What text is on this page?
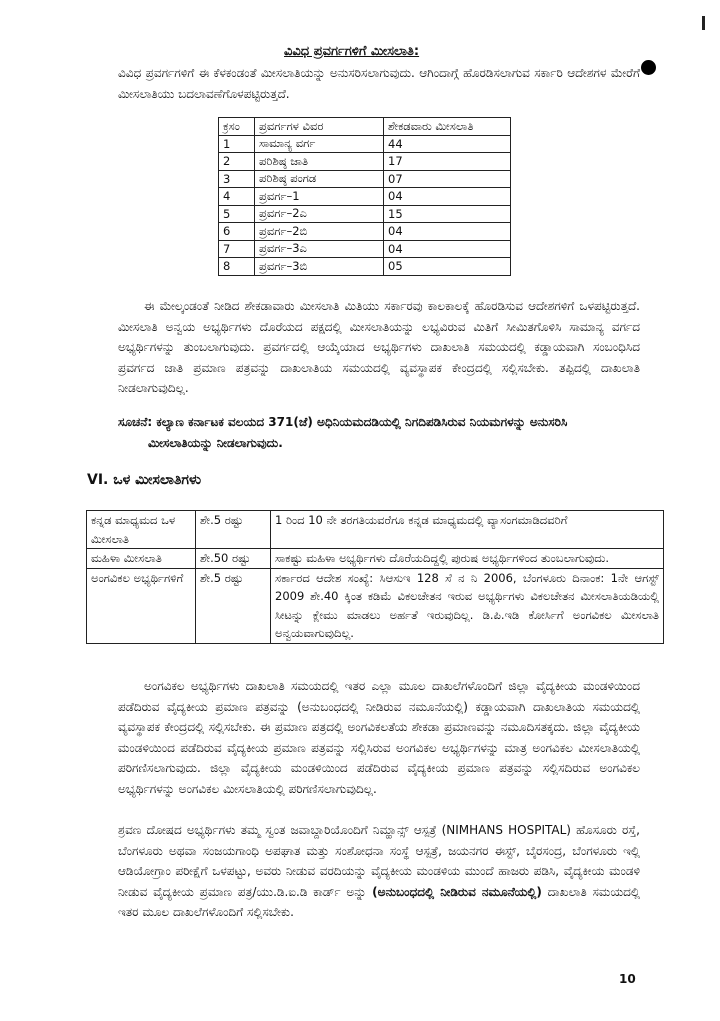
ವಿವಿಧ ಪ್ರವರ್ಗಗಳಿಗೆ ಮೀಸಲಾತಿ:

ವಿವಿಧ ಪ್ರವರ್ಗಗಳಿಗೆ ಈ ಕೆಳಕಂಡಂತೆ ಮೀಸಲಾತಿಯನ್ನು ಅನುಸರಿಸಲಾಗುವುದು. ಆಗಿಂದಾಗ್ಗೆ ಹೊರಡಿಸಲಾಗುವ ಸರ್ಕಾರಿ ಆದೇಶಗಳ ಮೇರೆಗೆ ಮೀಸಲಾತಿಯು ಬದಲಾವಣೆಗೊಳಪಟ್ಟಿರುತ್ತದೆ.

ಕ್ರಸಂ	ಪ್ರವರ್ಗಗಳ ವಿವರ	ಶೇಕಡವಾರು ಮೀಸಲಾತಿ
1	ಸಾಮಾನ್ಯ ವರ್ಗ	44
2	ಪರಿಶಿಷ್ಠ ಜಾತಿ	17
3	ಪರಿಶಿಷ್ಠ ಪಂಗಡ	07
4	ಪ್ರವರ್ಗ–1	04
5	ಪ್ರವರ್ಗ–2ಎ	15
6	ಪ್ರವರ್ಗ–2ಬಿ	04
7	ಪ್ರವರ್ಗ–3ಎ	04
8	ಪ್ರವರ್ಗ–3ಬಿ	05

ಈ ಮೇಲ್ಕಂಡಂತೆ ನೀಡಿದ ಶೇಕಡಾವಾರು ಮೀಸಲಾತಿ ಮಿತಿಯು ಸರ್ಕಾರವು ಕಾಲಕಾಲಕ್ಕೆ ಹೊರಡಿಸುವ ಆದೇಶಗಳಿಗೆ ಒಳಪಟ್ಟಿರುತ್ತದೆ. ಮೀಸಲಾತಿ ಅನ್ವಯ ಅಭ್ಯರ್ಥಿಗಳು ದೊರೆಯದ ಪಕ್ಷದಲ್ಲಿ ಮೀಸಲಾತಿಯನ್ನು ಲಭ್ಯವಿರುವ ಮಿತಿಗೆ ಸೀಮಿತಗೊಳಿಸಿ ಸಾಮಾನ್ಯ ವರ್ಗದ ಅಭ್ಯರ್ಥಿಗಳನ್ನು ತುಂಬಲಾಗುವುದು. ಪ್ರವರ್ಗದಲ್ಲಿ ಆಯ್ಕೆಯಾದ ಅಭ್ಯರ್ಥಿಗಳು ದಾಖಲಾತಿ ಸಮಯದಲ್ಲಿ ಕಡ್ಡಾಯವಾಗಿ ಸಂಬಂಧಿಸಿದ ಪ್ರವರ್ಗದ ಜಾತಿ ಪ್ರಮಾಣ ಪತ್ರವನ್ನು ದಾಖಲಾತಿಯ ಸಮಯದಲ್ಲಿ ವ್ಯವಸ್ಥಾಪಕ ಕೇಂದ್ರದಲ್ಲಿ ಸಲ್ಲಿಸಬೇಕು. ತಪ್ಪಿದಲ್ಲಿ ದಾಖಲಾತಿ ನೀಡಲಾಗುವುದಿಲ್ಲ.

ಸೂಚನೆ: ಕಲ್ಯಾಣ ಕರ್ನಾಟಕ ವಲಯದ 371(ಜೆ) ಅಧಿನಿಯಮದಡಿಯಲ್ಲಿ ನಿಗದಿಪಡಿಸಿರುವ ನಿಯಮಗಳನ್ನು ಅನುಸರಿಸಿ
ಮೀಸಲಾತಿಯನ್ನು ನೀಡಲಾಗುವುದು.

VI. ಒಳ ಮೀಸಲಾತಿಗಳು
ಕನ್ನಡ ಮಾಧ್ಯಮದ ಒಳ ಮೀಸಲಾತಿ	ಶೇ.5 ರಷ್ಟು	1 ರಿಂದ 10 ನೇ ತರಗತಿಯವರೆಗೂ ಕನ್ನಡ ಮಾಧ್ಯಮದಲ್ಲಿ ವ್ಯಾಸಂಗಮಾಡಿದವರಿಗೆ
ಮಹಿಳಾ ಮೀಸಲಾತಿ	ಶೇ.50 ರಷ್ಟು	ಸಾಕಷ್ಟು ಮಹಿಳಾ ಅಭ್ಯರ್ಥಿಗಳು ದೊರೆಯದಿದ್ದಲ್ಲಿ ಪುರುಷ ಅಭ್ಯರ್ಥಿಗಳಿಂದ ತುಂಬಲಾಗುವುದು.
ಅಂಗವಿಕಲ ಅಭ್ಯರ್ಥಿಗಳಿಗೆ	ಶೇ.5 ರಷ್ಟು	ಸರ್ಕಾರದ ಆದೇಶ ಸಂಖ್ಯೆ: ಸಿಆಸುಇ 128 ಸೆ ನ ನಿ 2006, ಬೆಂಗಳೂರು ದಿನಾಂಕ: 1ನೇ ಆಗಸ್ಟ್ 2009 ಶೇ.40 ಕ್ಕಿಂತ ಕಡಿಮೆ ವಿಕಲಚೇತನ ಇರುವ ಅಭ್ಯರ್ಥಿಗಳು ವಿಕಲಚೇತನ ಮೀಸಲಾತಿಯಡಿಯಲ್ಲಿ ಸೀಟನ್ನು ಕ್ಲೇಮು ಮಾಡಲು ಅರ್ಹತೆ ಇರುವುದಿಲ್ಲ. ಡಿ.ಪಿ.ಇಡಿ ಕೋರ್ಸಿಗೆ ಅಂಗವಿಕಲ ಮೀಸಲಾತಿ ಅನ್ವಯವಾಗುವುದಿಲ್ಲ.

ಅಂಗವಿಕಲ ಅಭ್ಯರ್ಥಿಗಳು ದಾಖಲಾತಿ ಸಮಯದಲ್ಲಿ ಇತರ ಎಲ್ಲಾ ಮೂಲ ದಾಖಲೆಗಳೊಂದಿಗೆ ಜಿಲ್ಲಾ ವೈದ್ಯಕೀಯ ಮಂಡಳಿಯಿಂದ ಪಡೆದಿರುವ ವೈದ್ಯಕೀಯ ಪ್ರಮಾಣ ಪತ್ರವನ್ನು (ಅನುಬಂಧದಲ್ಲಿ ನೀಡಿರುವ ನಮೂನೆಯಲ್ಲಿ) ಕಡ್ಡಾಯವಾಗಿ ದಾಖಲಾತಿಯ ಸಮಯದಲ್ಲಿ ವ್ಯವಸ್ಥಾಪಕ ಕೇಂದ್ರದಲ್ಲಿ ಸಲ್ಲಿಸಬೇಕು. ಈ ಪ್ರಮಾಣ ಪತ್ರದಲ್ಲಿ ಅಂಗವಿಕಲತೆಯ ಶೇಕಡಾ ಪ್ರಮಾಣವನ್ನು ನಮೂದಿಸತಕ್ಕದು. ಜಿಲ್ಲಾ ವೈದ್ಯಕೀಯ ಮಂಡಳಿಯಿಂದ ಪಡೆದಿರುವ ವೈದ್ಯಕೀಯ ಪ್ರಮಾಣ ಪತ್ರವನ್ನು ಸಲ್ಲಿಸಿರುವ ಅಂಗವಿಕಲ ಅಭ್ಯರ್ಥಿಗಳನ್ನು ಮಾತ್ರ ಅಂಗವಿಕಲ ಮೀಸಲಾತಿಯಲ್ಲಿ ಪರಿಗಣಿಸಲಾಗುವುದು. ಜಿಲ್ಲಾ ವೈದ್ಯಕೀಯ ಮಂಡಳಿಯಿಂದ ಪಡೆದಿರುವ ವೈದ್ಯಕೀಯ ಪ್ರಮಾಣ ಪತ್ರವನ್ನು ಸಲ್ಲಿಸದಿರುವ ಅಂಗವಿಕಲ ಅಭ್ಯರ್ಥಿಗಳನ್ನು ಅಂಗವಿಕಲ ಮೀಸಲಾತಿಯಲ್ಲಿ ಪರಿಗಣಿಸಲಾಗುವುದಿಲ್ಲ.

ಶ್ರವಣ ದೋಷದ ಅಭ್ಯರ್ಥಿಗಳು ತಮ್ಮ ಸ್ವಂತ ಜವಾಬ್ದಾರಿಯೊಂದಿಗೆ ನಿಮ್ಹಾನ್ಸ್ ಆಸ್ಪತ್ರೆ (NIMHANS HOSPITAL) ಹೊಸೂರು ರಸ್ತೆ, ಬೆಂಗಳೂರು ಅಥವಾ ಸಂಜಯಗಾಂಧಿ ಅಪಘಾತ ಮತ್ತು ಸಂಶೋಧನಾ ಸಂಸ್ಥೆ ಆಸ್ಪತ್ರೆ, ಜಯನಗರ ಈಸ್ಟ್, ಬೈರಸಂದ್ರ, ಬೆಂಗಳೂರು ಇಲ್ಲಿ ಆಡಿಯೋಗ್ರಾಂ ಪರೀಕ್ಷೆಗೆ ಒಳಪಟ್ಟು, ಅವರು ನೀಡುವ ವರದಿಯನ್ನು ವೈದ್ಯಕೀಯ ಮಂಡಳಿಯ ಮುಂದೆ ಹಾಜರು ಪಡಿಸಿ, ವೈದ್ಯಕೀಯ ಮಂಡಳಿ ನೀಡುವ ವೈದ್ಯಕೀಯ ಪ್ರಮಾಣ ಪತ್ರ/ಯು.ಡಿ.ಐ.ಡಿ ಕಾರ್ಡ್ ಅನ್ನು (ಅನುಬಂಧದಲ್ಲಿ ನೀಡಿರುವ ನಮೂನೆಯಲ್ಲಿ) ದಾಖಲಾತಿ ಸಮಯದಲ್ಲಿ ಇತರ ಮೂಲ ದಾಖಲೆಗಳೊಂದಿಗೆ ಸಲ್ಲಿಸಬೇಕು.

10
